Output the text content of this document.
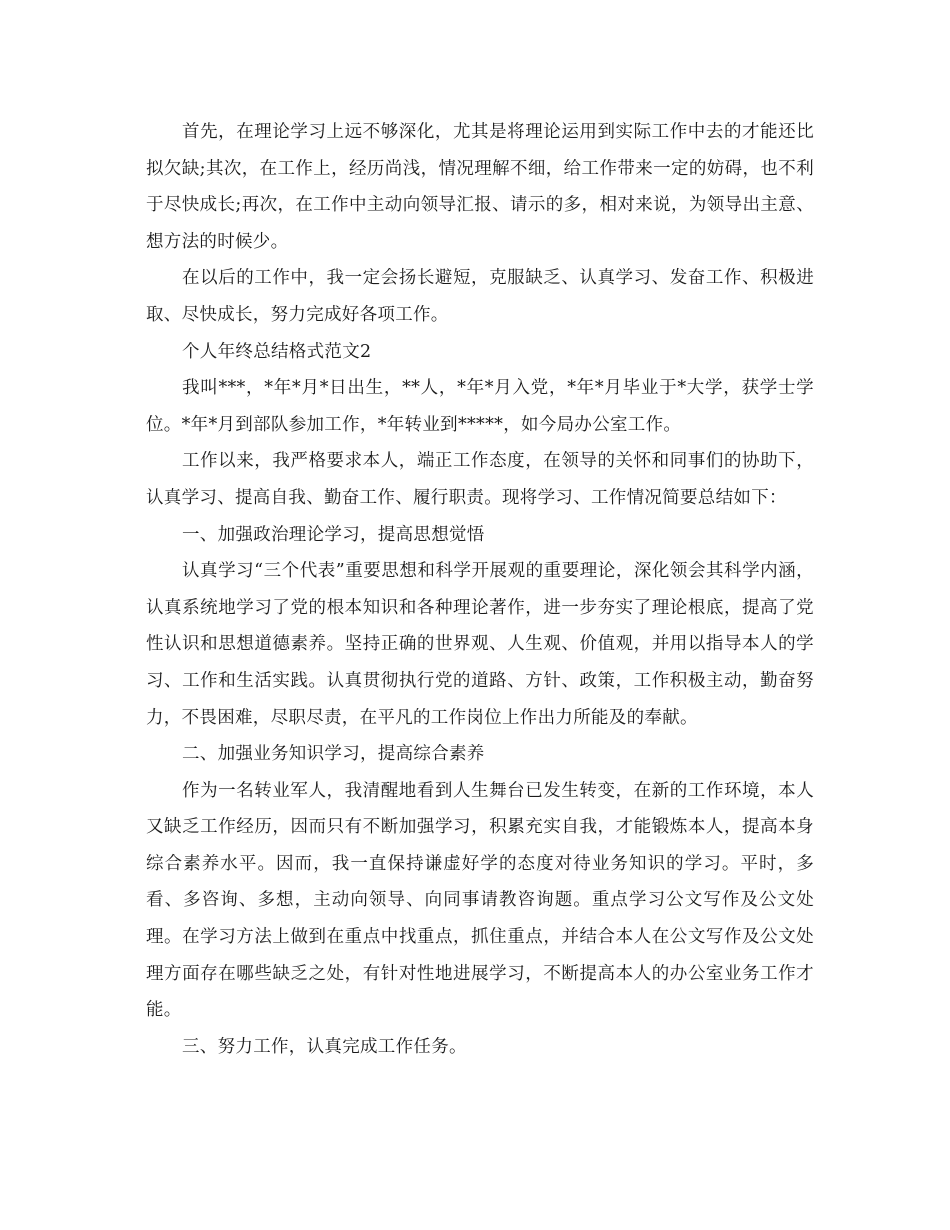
首先，在理论学习上远不够深化，尤其是将理论运用到实际工作中去的才能还比拟欠缺;其次，在工作上，经历尚浅，情况理解不细，给工作带来一定的妨碍，也不利于尽快成长;再次，在工作中主动向领导汇报、请示的多，相对来说，为领导出主意、想方法的时候少。

在以后的工作中，我一定会扬长避短，克服缺乏、认真学习、发奋工作、积极进取、尽快成长，努力完成好各项工作。

个人年终总结格式范文2

我叫***，*年*月*日出生，**人，*年*月入党，*年*月毕业于*大学，获学士学位。*年*月到部队参加工作，*年转业到*****，如今局办公室工作。

工作以来，我严格要求本人，端正工作态度，在领导的关怀和同事们的协助下，认真学习、提高自我、勤奋工作、履行职责。现将学习、工作情况简要总结如下：

一、加强政治理论学习，提高思想觉悟

认真学习“三个代表”重要思想和科学开展观的重要理论，深化领会其科学内涵，认真系统地学习了党的根本知识和各种理论著作，进一步夯实了理论根底，提高了党性认识和思想道德素养。坚持正确的世界观、人生观、价值观，并用以指导本人的学习、工作和生活实践。认真贯彻执行党的道路、方针、政策，工作积极主动，勤奋努力，不畏困难，尽职尽责，在平凡的工作岗位上作出力所能及的奉献。

二、加强业务知识学习，提高综合素养

作为一名转业军人，我清醒地看到人生舞台已发生转变，在新的工作环境，本人又缺乏工作经历，因而只有不断加强学习，积累充实自我，才能锻炼本人，提高本身综合素养水平。因而，我一直保持谦虚好学的态度对待业务知识的学习。平时，多看、多咨询、多想，主动向领导、向同事请教咨询题。重点学习公文写作及公文处理。在学习方法上做到在重点中找重点，抓住重点，并结合本人在公文写作及公文处理方面存在哪些缺乏之处，有针对性地进展学习，不断提高本人的办公室业务工作才能。

三、努力工作，认真完成工作任务。
